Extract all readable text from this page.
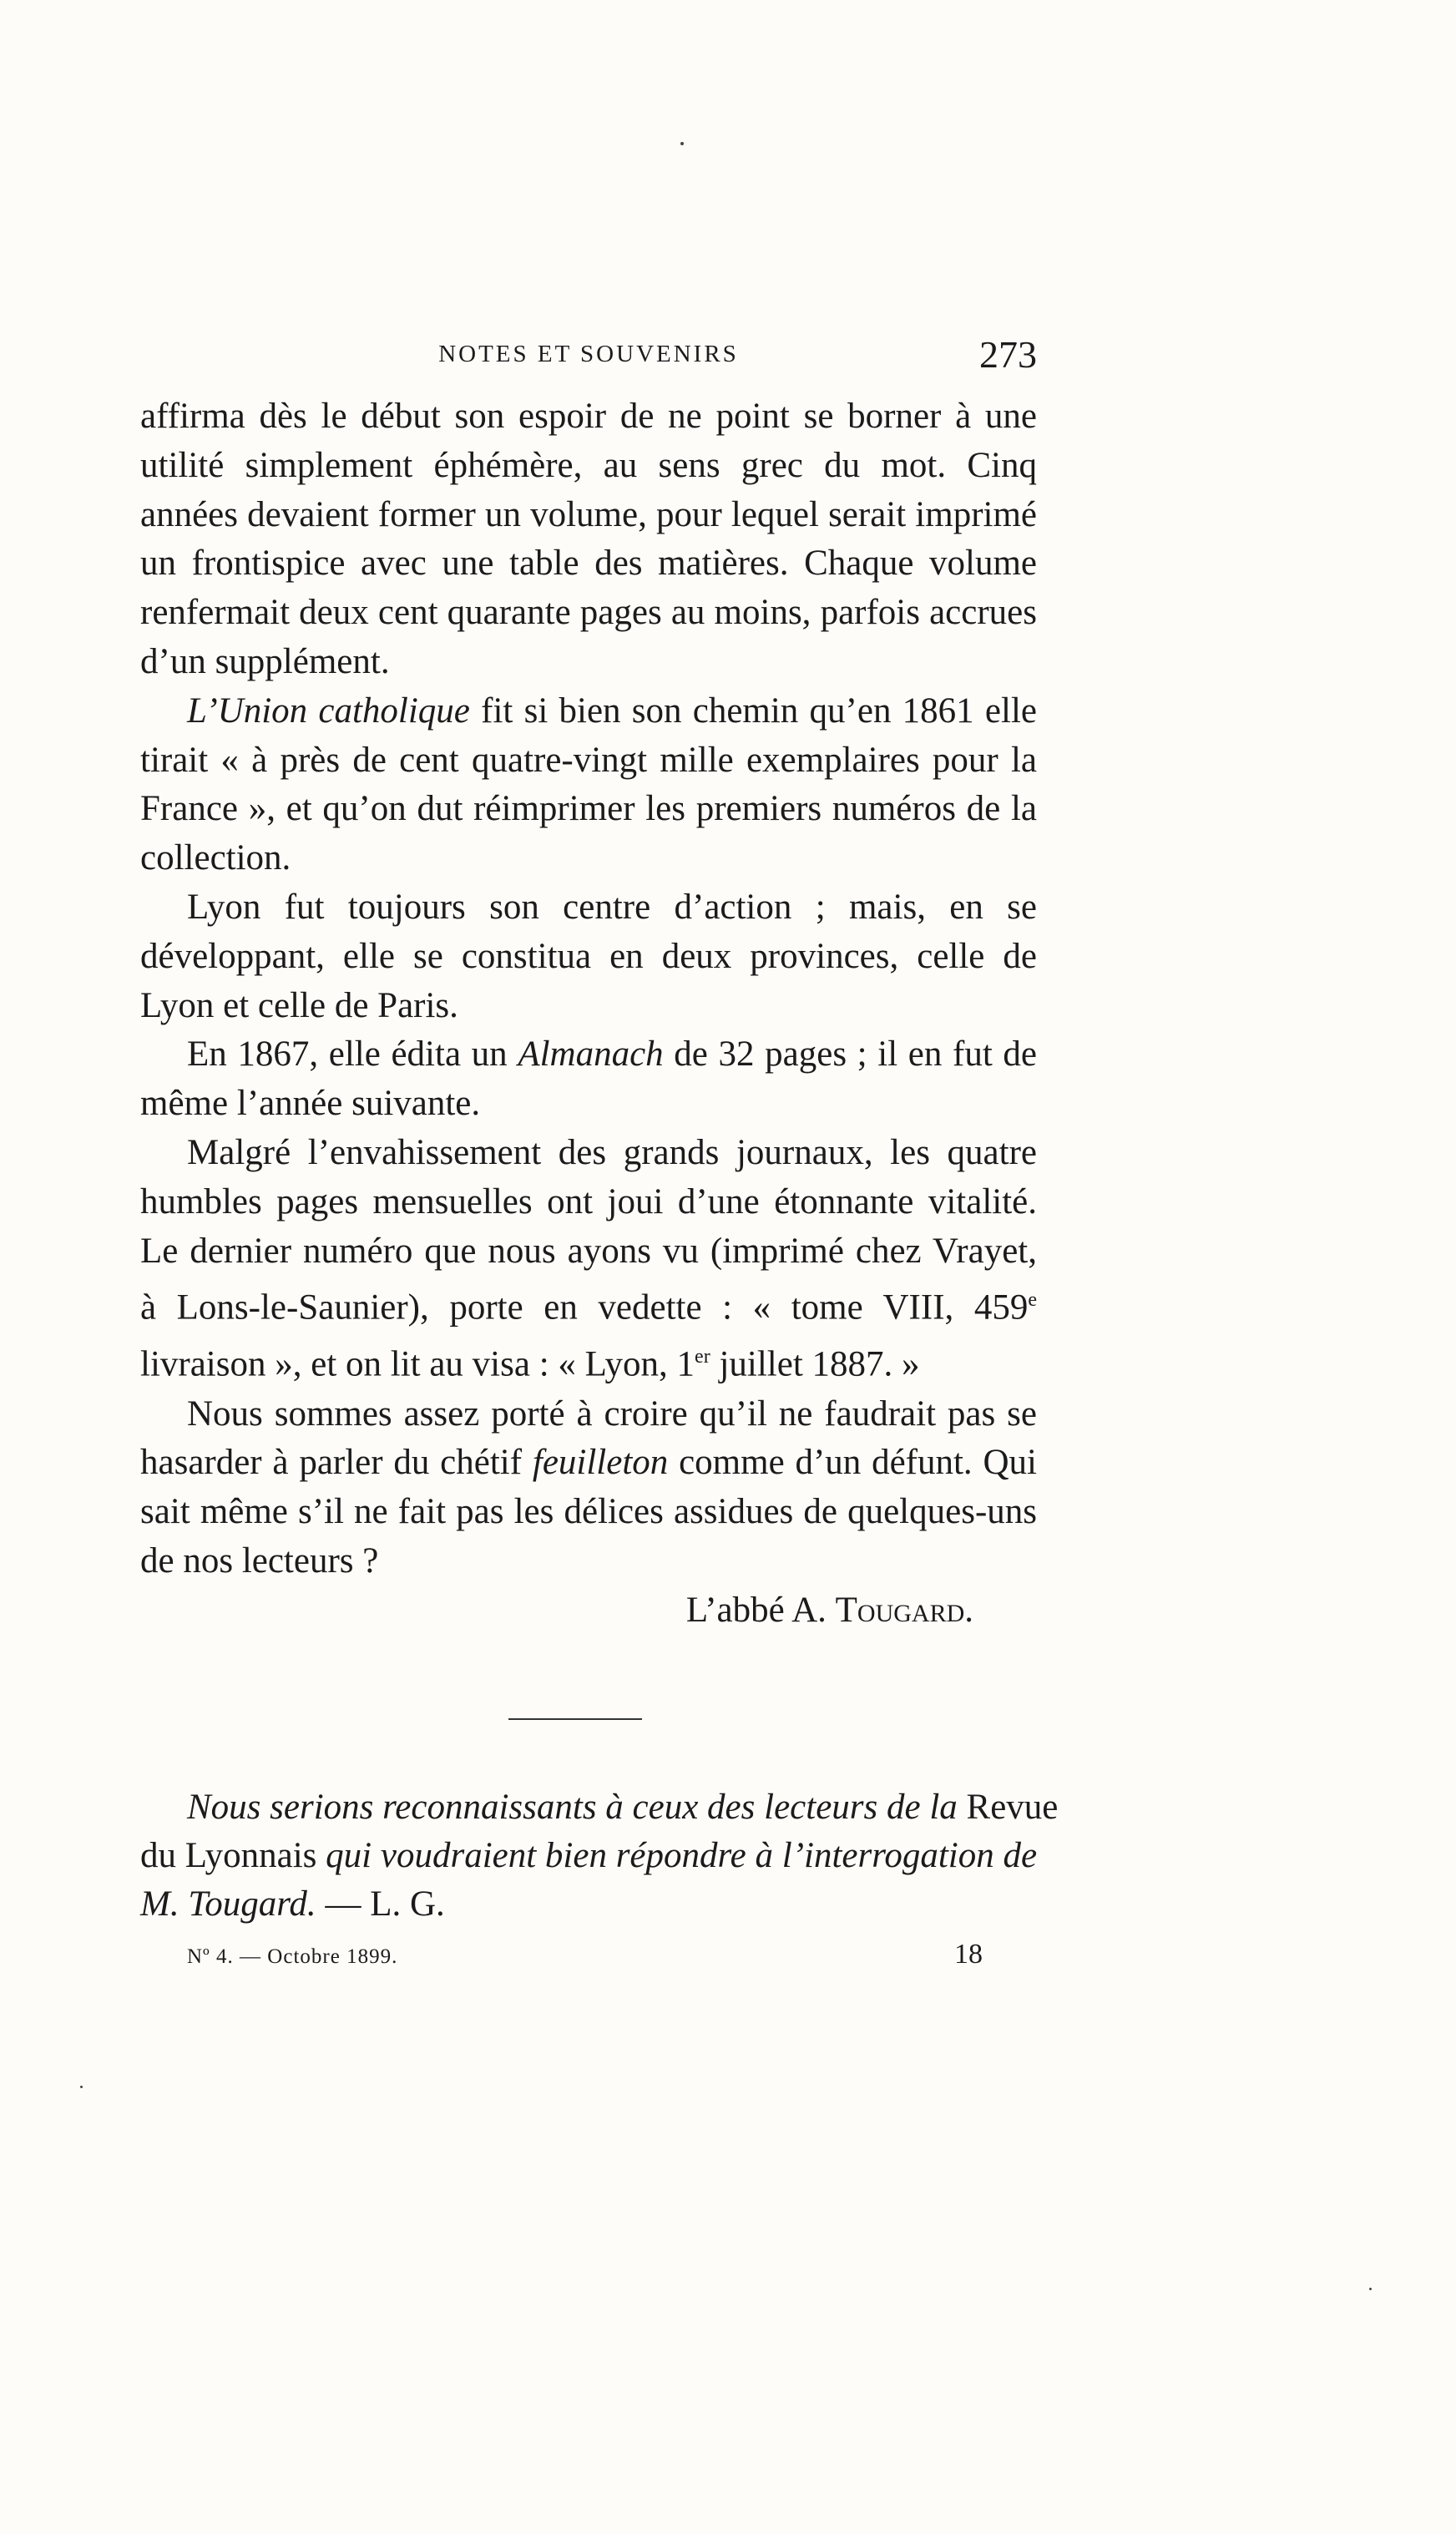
NOTES ET SOUVENIRS	273

affirma dès le début son espoir de ne point se borner à une utilité simplement éphémère, au sens grec du mot. Cinq années devaient former un volume, pour lequel serait imprimé un frontispice avec une table des matières. Chaque volume renfermait deux cent quarante pages au moins, parfois accrues d’un supplément.

L’Union catholique fit si bien son chemin qu’en 1861 elle tirait « à près de cent quatre-vingt mille exemplaires pour la France », et qu’on dut réimprimer les premiers numéros de la collection.

Lyon fut toujours son centre d’action ; mais, en se développant, elle se constitua en deux provinces, celle de Lyon et celle de Paris.

En 1867, elle édita un Almanach de 32 pages ; il en fut de même l’année suivante.

Malgré l’envahissement des grands journaux, les quatre humbles pages mensuelles ont joui d’une étonnante vitalité. Le dernier numéro que nous ayons vu (imprimé chez Vrayet, à Lons-le-Saunier), porte en vedette : « tome VIII, 459e livraison », et on lit au visa : « Lyon, 1er juillet 1887. »

Nous sommes assez porté à croire qu’il ne faudrait pas se hasarder à parler du chétif feuilleton comme d’un défunt. Qui sait même s’il ne fait pas les délices assidues de quelques-uns de nos lecteurs ?

L’abbé A. Tougard.

Nous serions reconnaissants à ceux des lecteurs de la Revue du Lyonnais qui voudraient bien répondre à l’interrogation de M. Tougard. — L. G.

Nº 4. — Octobre 1899.	18
